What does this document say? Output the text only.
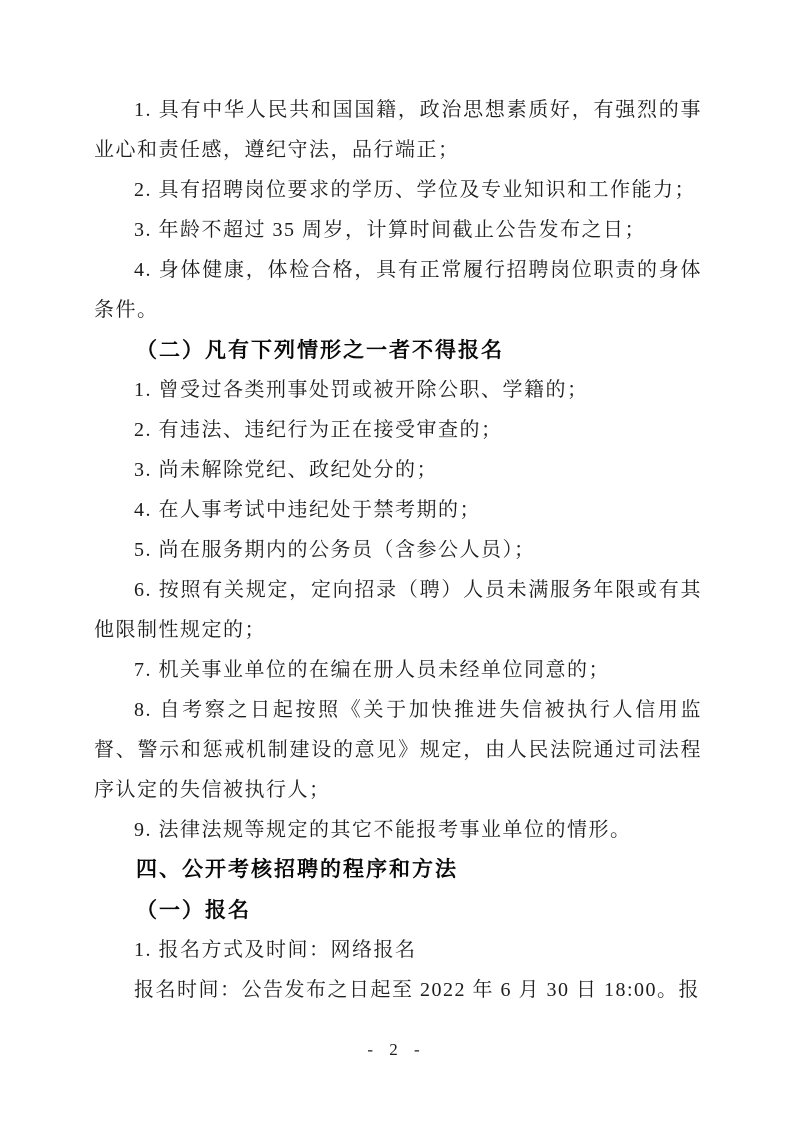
1. 具有中华人民共和国国籍，政治思想素质好，有强烈的事业心和责任感，遵纪守法，品行端正；

2. 具有招聘岗位要求的学历、学位及专业知识和工作能力；

3. 年龄不超过 35 周岁，计算时间截止公告发布之日；

4. 身体健康，体检合格，具有正常履行招聘岗位职责的身体条件。

（二）凡有下列情形之一者不得报名

1. 曾受过各类刑事处罚或被开除公职、学籍的；

2. 有违法、违纪行为正在接受审查的；

3. 尚未解除党纪、政纪处分的；

4. 在人事考试中违纪处于禁考期的；

5. 尚在服务期内的公务员（含参公人员）；

6. 按照有关规定，定向招录（聘）人员未满服务年限或有其他限制性规定的；

7. 机关事业单位的在编在册人员未经单位同意的；

8. 自考察之日起按照《关于加快推进失信被执行人信用监督、警示和惩戒机制建设的意见》规定，由人民法院通过司法程序认定的失信被执行人；

9. 法律法规等规定的其它不能报考事业单位的情形。

四、公开考核招聘的程序和方法

（一）报名

1. 报名方式及时间：网络报名

报名时间：公告发布之日起至 2022 年 6 月 30 日 18:00。报

- 2 -
